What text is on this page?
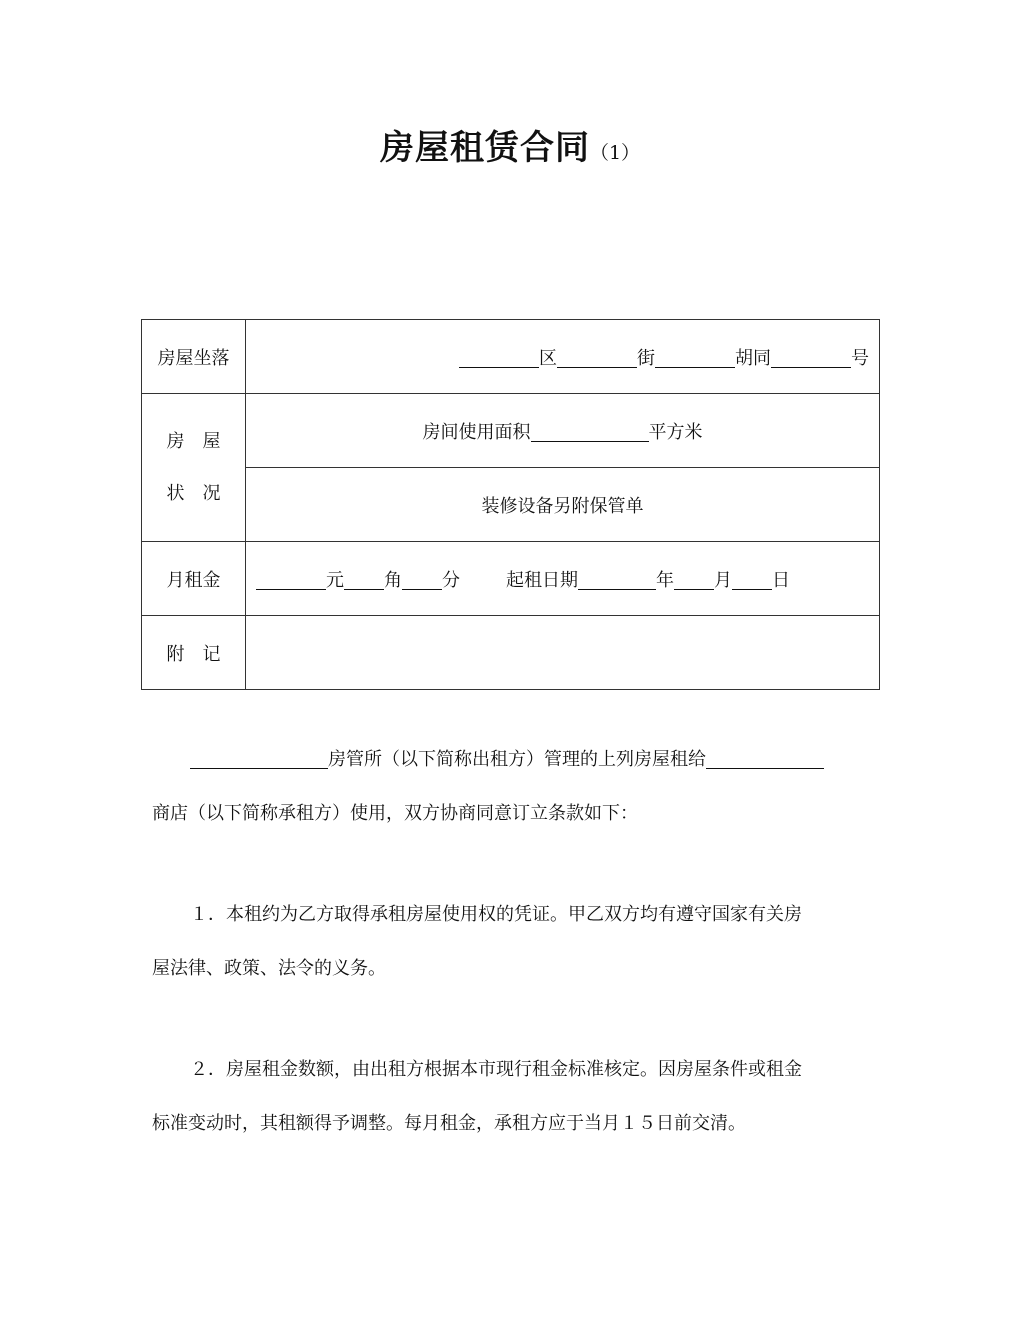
房屋租赁合同（1）
房屋坐落	区 街 胡同 号

房　屋
状　况	房间使用面积 平方米
	装修设备另附保管单
月租金	元 角 分 起租日期 年 月 日
附　记	
房管所（以下简称出租方）管理的上列房屋租给
商店（以下简称承租方）使用，双方协商同意订立条款如下：
１．本租约为乙方取得承租房屋使用权的凭证。甲乙双方均有遵守国家有关房
屋法律、政策、法令的义务。
２．房屋租金数额，由出租方根据本市现行租金标准核定。因房屋条件或租金
标准变动时，其租额得予调整。每月租金，承租方应于当月１５日前交清。
